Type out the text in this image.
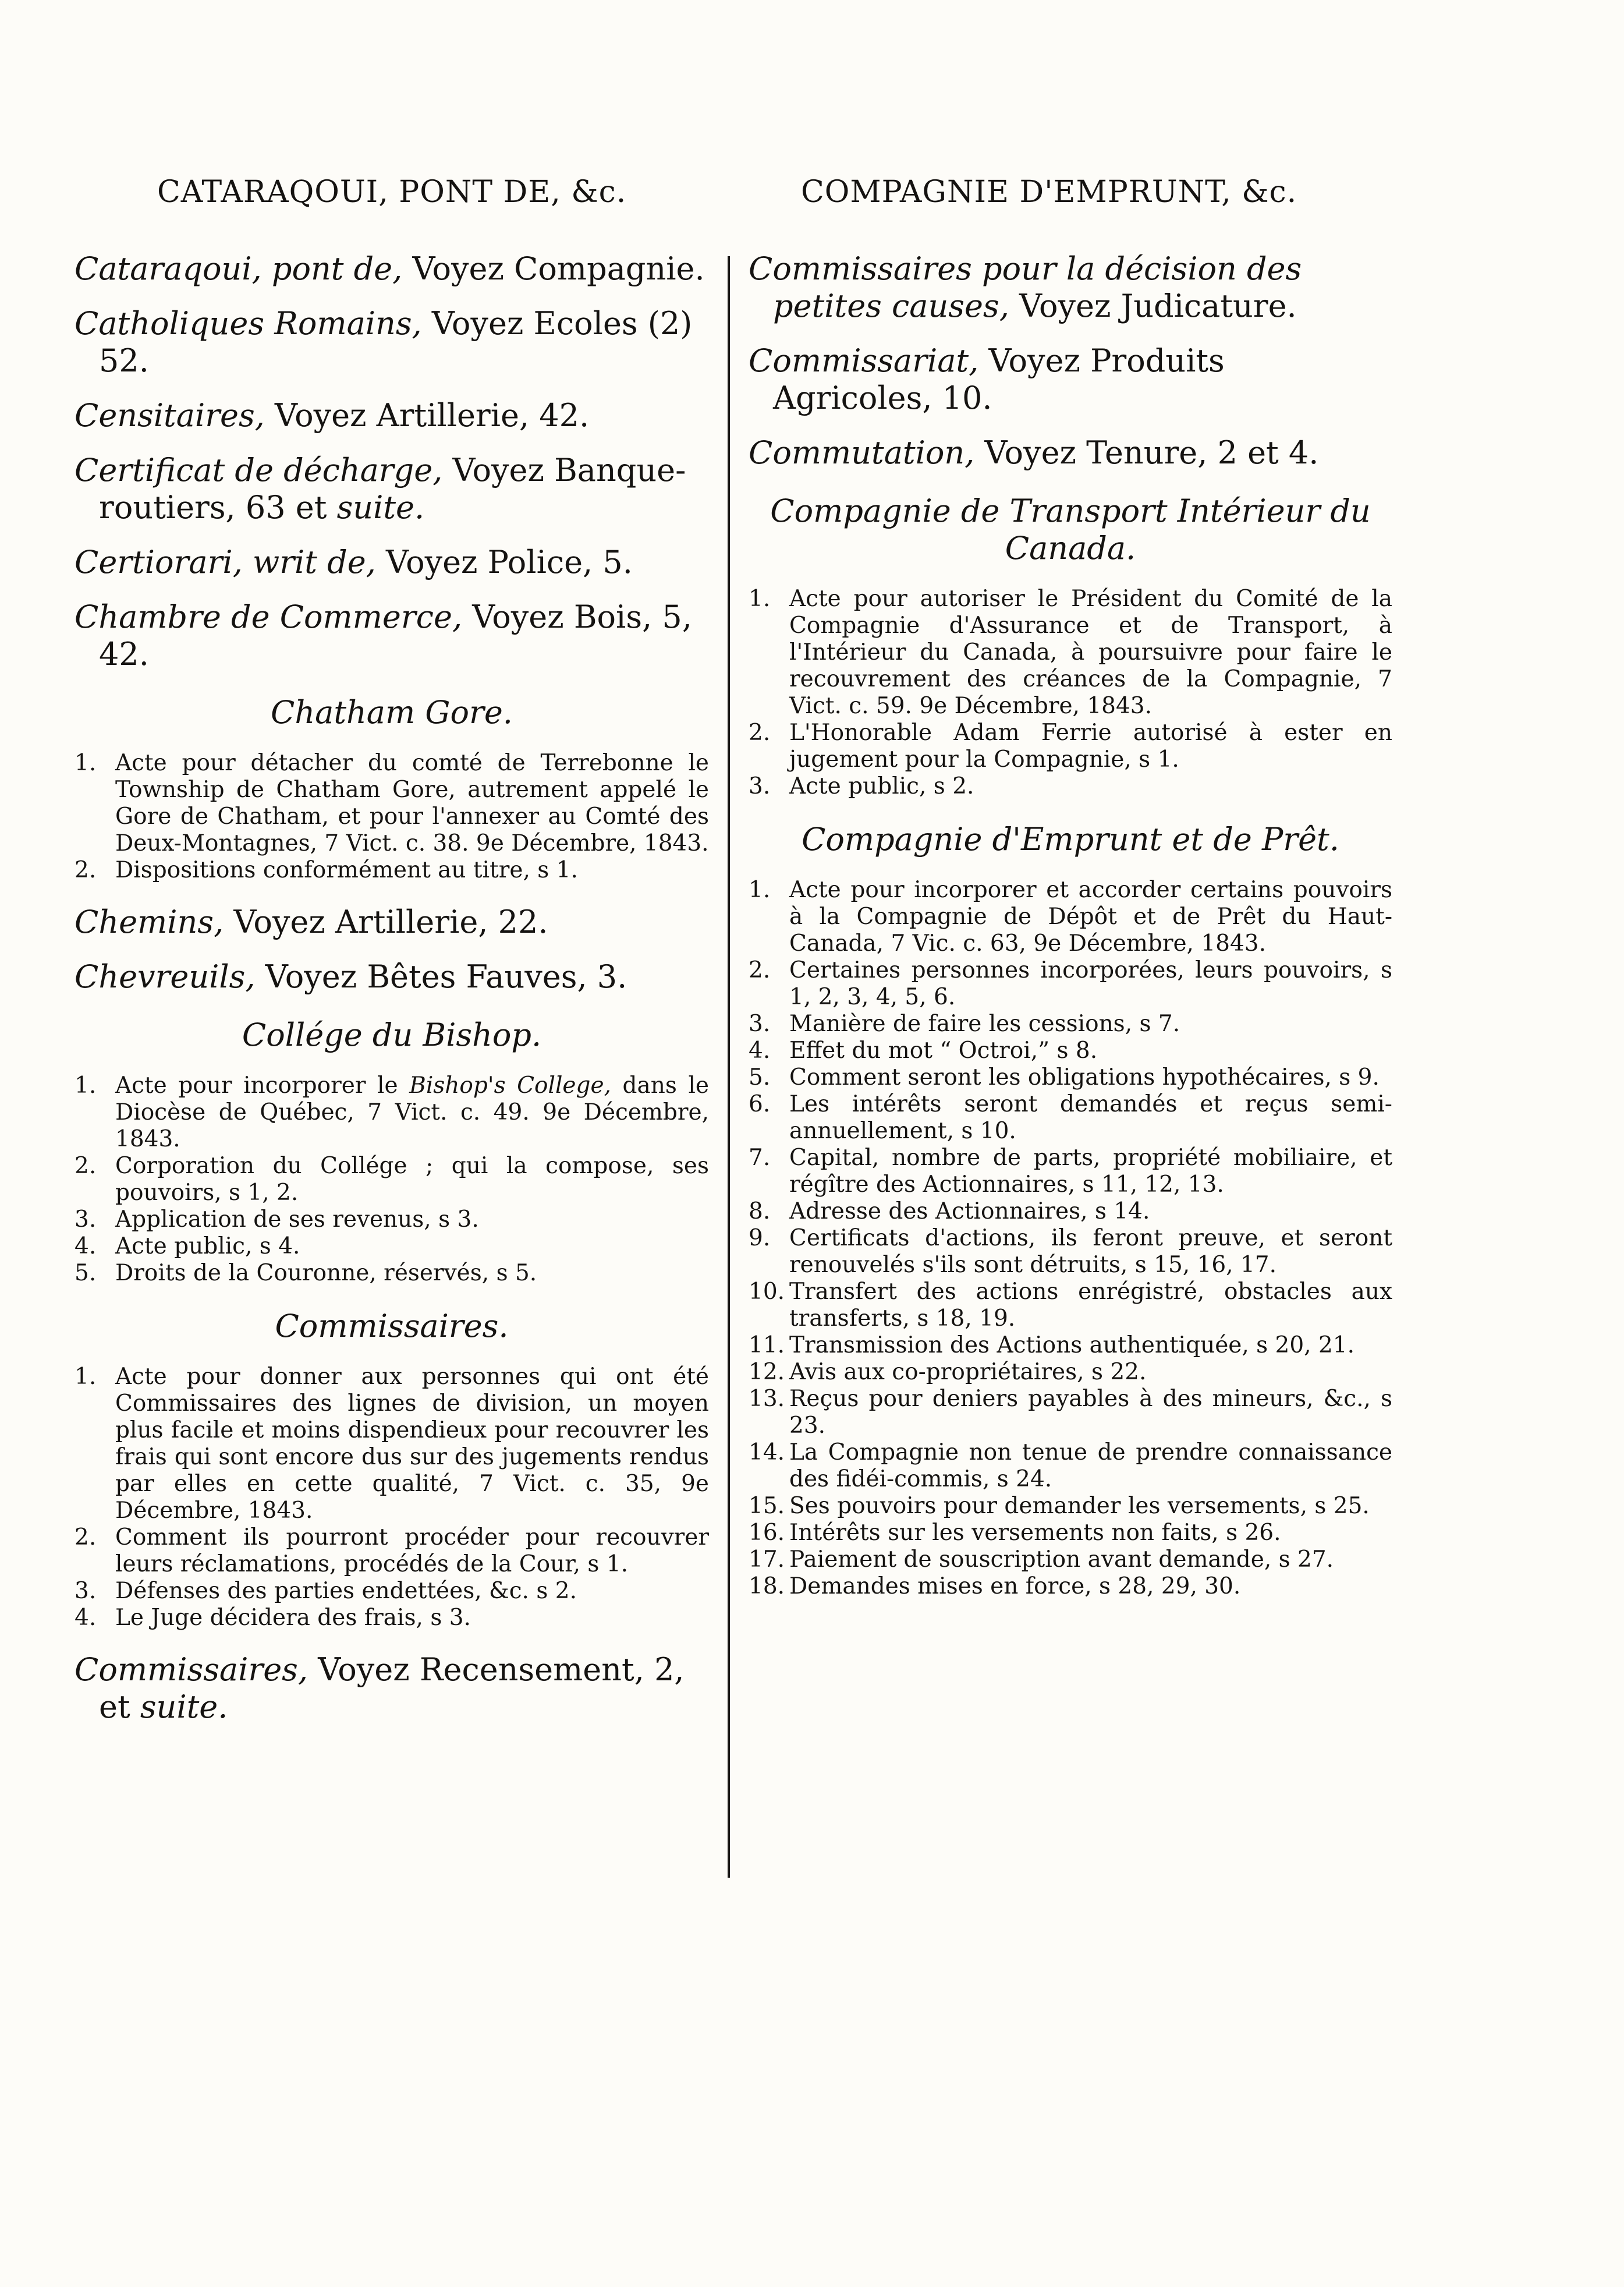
CATARAQOUI, PONT DE, &c.	COMPAGNIE D'EMPRUNT, &c.

Cataraqoui, pont de, Voyez Compagnie.

Catholiques Romains, Voyez Ecoles (2) 52.

Censitaires, Voyez Artillerie, 42.

Certificat de décharge, Voyez Banque-routiers, 63 et suite.

Certiorari, writ de, Voyez Police, 5.

Chambre de Commerce, Voyez Bois, 5, 42.

Chatham Gore.
1. Acte pour détacher du comté de Terrebonne le Township de Chatham Gore, autrement appelé le Gore de Chatham, et pour l'annexer au Comté des Deux-Montagnes, 7 Vict. c. 38. 9e Décembre, 1843.
2. Dispositions conformément au titre, s 1.

Chemins, Voyez Artillerie, 22.

Chevreuils, Voyez Bêtes Fauves, 3.

Collége du Bishop.
1. Acte pour incorporer le Bishop's College, dans le Diocèse de Québec, 7 Vict. c. 49. 9e Décembre, 1843.
2. Corporation du Collége ; qui la compose, ses pouvoirs, s 1, 2.
3. Application de ses revenus, s 3.
4. Acte public, s 4.
5. Droits de la Couronne, réservés, s 5.
Commissaires.
1. Acte pour donner aux personnes qui ont été Commissaires des lignes de division, un moyen plus facile et moins dispendieux pour recouvrer les frais qui sont encore dus sur des jugements rendus par elles en cette qualité, 7 Vict. c. 35, 9e Décembre, 1843.
2. Comment ils pourront procéder pour recouvrer leurs réclamations, procédés de la Cour, s 1.
3. Défenses des parties endettées, &c. s 2.
4. Le Juge décidera des frais, s 3.

Commissaires, Voyez Recensement, 2, et suite.

Commissaires pour la décision des petites causes, Voyez Judicature.

Commissariat, Voyez Produits Agricoles, 10.

Commutation, Voyez Tenure, 2 et 4.

Compagnie de Transport Intérieur du Canada.
1. Acte pour autoriser le Président du Comité de la Compagnie d'Assurance et de Transport, à l'Intérieur du Canada, à poursuivre pour faire le recouvrement des créances de la Compagnie, 7 Vict. c. 59. 9e Décembre, 1843.
2. L'Honorable Adam Ferrie autorisé à ester en jugement pour la Compagnie, s 1.
3. Acte public, s 2.
Compagnie d'Emprunt et de Prêt.
1. Acte pour incorporer et accorder certains pouvoirs à la Compagnie de Dépôt et de Prêt du Haut-Canada, 7 Vic. c. 63, 9e Décembre, 1843.
2. Certaines personnes incorporées, leurs pouvoirs, s 1, 2, 3, 4, 5, 6.
3. Manière de faire les cessions, s 7.
4. Effet du mot “ Octroi,” s 8.
5. Comment seront les obligations hypothécaires, s 9.
6. Les intérêts seront demandés et reçus semi-annuellement, s 10.
7. Capital, nombre de parts, propriété mobiliaire, et régître des Actionnaires, s 11, 12, 13.
8. Adresse des Actionnaires, s 14.
9. Certificats d'actions, ils feront preuve, et seront renouvelés s'ils sont détruits, s 15, 16, 17.
10. Transfert des actions enrégistré, obstacles aux transferts, s 18, 19.
11. Transmission des Actions authentiquée, s 20, 21.
12. Avis aux co-propriétaires, s 22.
13. Reçus pour deniers payables à des mineurs, &c., s 23.
14. La Compagnie non tenue de prendre connaissance des fidéi-commis, s 24.
15. Ses pouvoirs pour demander les versements, s 25.
16. Intérêts sur les versements non faits, s 26.
17. Paiement de souscription avant demande, s 27.
18. Demandes mises en force, s 28, 29, 30.
